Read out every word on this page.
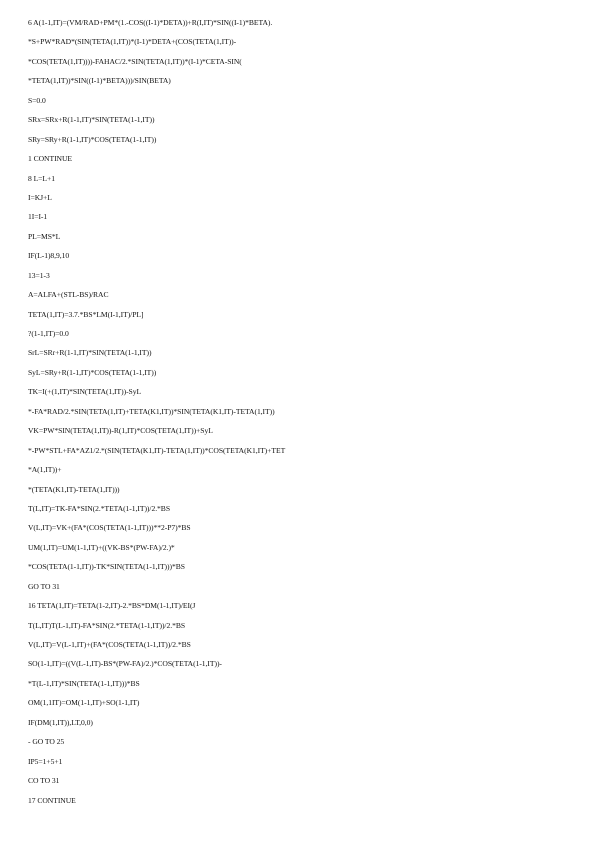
6 A(1-1,IT)=(VM/RAD+PM*(1.-COS((I-1)*DETA))+R(I,IT)*SIN((I-1)*BETA).
*S+PW*RAD*(SIN(TETA(1,IT))*(I-1)*DETA+(COS(TETA(1,IT))-
*COS(TETA(1,IT))))-FAHAC/2.*SIN(TETA(1,IT))*(I-1)*CETA-SIN(
*TETA(1,IT))*SIN((I-1)*BETA)))/SIN(BETA)
S=0.0
SRx=SRx+R(1-1,IT)*SIN(TETA(1-1,IT))
SRy=SRy+R(1-1,IT)*COS(TETA(1-1,IT))
1 CONTINUE
8 L=L+1
I=KJ+L
1I=I-1
PL=MS*L
IF(L-1)8,9,10
13=1-3
A=ALFA+(STL-BS)/RAC
TETA(1,IT)=3.7.*BS*LM(I-1,IT)/PL]
?(1-1,IT)=0.0
SrL=SRr+R(1-1,IT)*SIN(TETA(1-1,IT))
SyL=SRy+R(1-1,IT)*COS(TETA(1-1,IT))
TK=I(+(1,IT)*SIN(TETA(1,IT))-SyL
*-FA*RAD/2.*SIN(TETA(1,IT)+TETA(K1,IT))*SIN(TETA(K1,IT)-TETA(1,IT))
VK=PW*SIN(TETA(1,IT))-R(1,IT)*COS(TETA(1,IT))+SyL
*-PW*STL+FA*AZ1/2.*(SIN(TETA(K1,IT)-TETA(1,IT))*COS(TETA(K1,IT)+TET
*A(1,IT))+
*(TETA(K1,IT)-TETA(1,IT)))
T(L,IT)=TK-FA*SIN(2.*TETA(1-1,IT))/2.*BS
V(L,IT)=VK+(FA*(COS(TETA(1-1,IT)))**2-P7)*BS
UM(1,IT)=UM(1-1,IT)+((VK-BS*(PW-FA)/2.)*
*COS(TETA(1-1,IT))-TK*SIN(TETA(1-1,IT)))*BS
GO TO 31
16 TETA(1,IT)=TETA(1-2,IT)-2.*BS*DM(1-1,IT)/EI(J
T(L,IT)T(L-1,IT)-FA*SIN(2.*TETA(1-1,IT))/2.*BS
V(L,IT)=V(L-1,IT)+(FA*(COS(TETA(1-1,IT))/2.*BS
SO(1-1,IT)=((V(L-1,IT)-BS*(PW-FA)/2.)*COS(TETA(1-1,IT))-
*T(L-1,IT)*SIN(TETA(1-1,IT)))*BS
OM(1,1IT)=OM(1-1,IT)+SO(1-1,IT)
IF(DM(1,IT)),LT,0,0)
- GO TO 25
IP5=1+5+1
CO TO 31
17 CONTINUE
